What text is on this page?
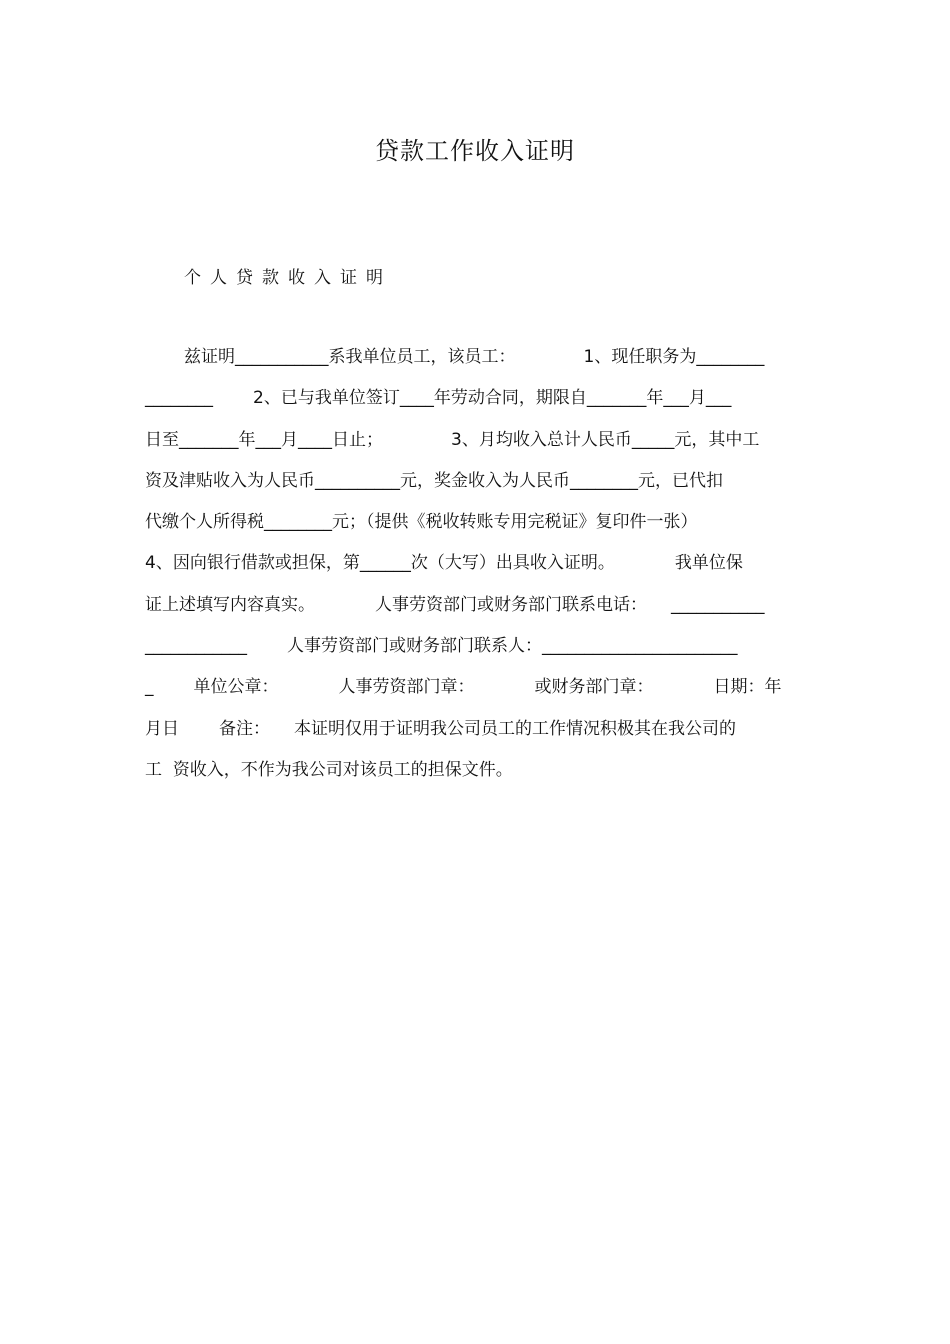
贷款工作收入证明
个人贷款收入证明
兹证明___________系我单位员工，该员工：	1、现任职务为________
________ 2、已与我单位签订____年劳动合同，期限自_______年___月___
日至_______年___月____日止；	3、月均收入总计人民币_____元，其中工
资及津贴收入为人民币__________元，奖金收入为人民币________元，已代扣
代缴个人所得税________元；（提供《税收转账专用完税证》复印件一张）
4、因向银行借款或担保，第______次（大写）出具收入证明。	我单位保
证上述填写内容真实。	人事劳资部门或财务部门联系电话： ___________
____________ 人事劳资部门或财务部门联系人：_______________________
_ 单位公章：	人事劳资部门章：	或财务部门章：	日期：年
月日 备注： 本证明仅用于证明我公司员工的工作情况积极其在我公司的
工  资收入，不作为我公司对该员工的担保文件。
